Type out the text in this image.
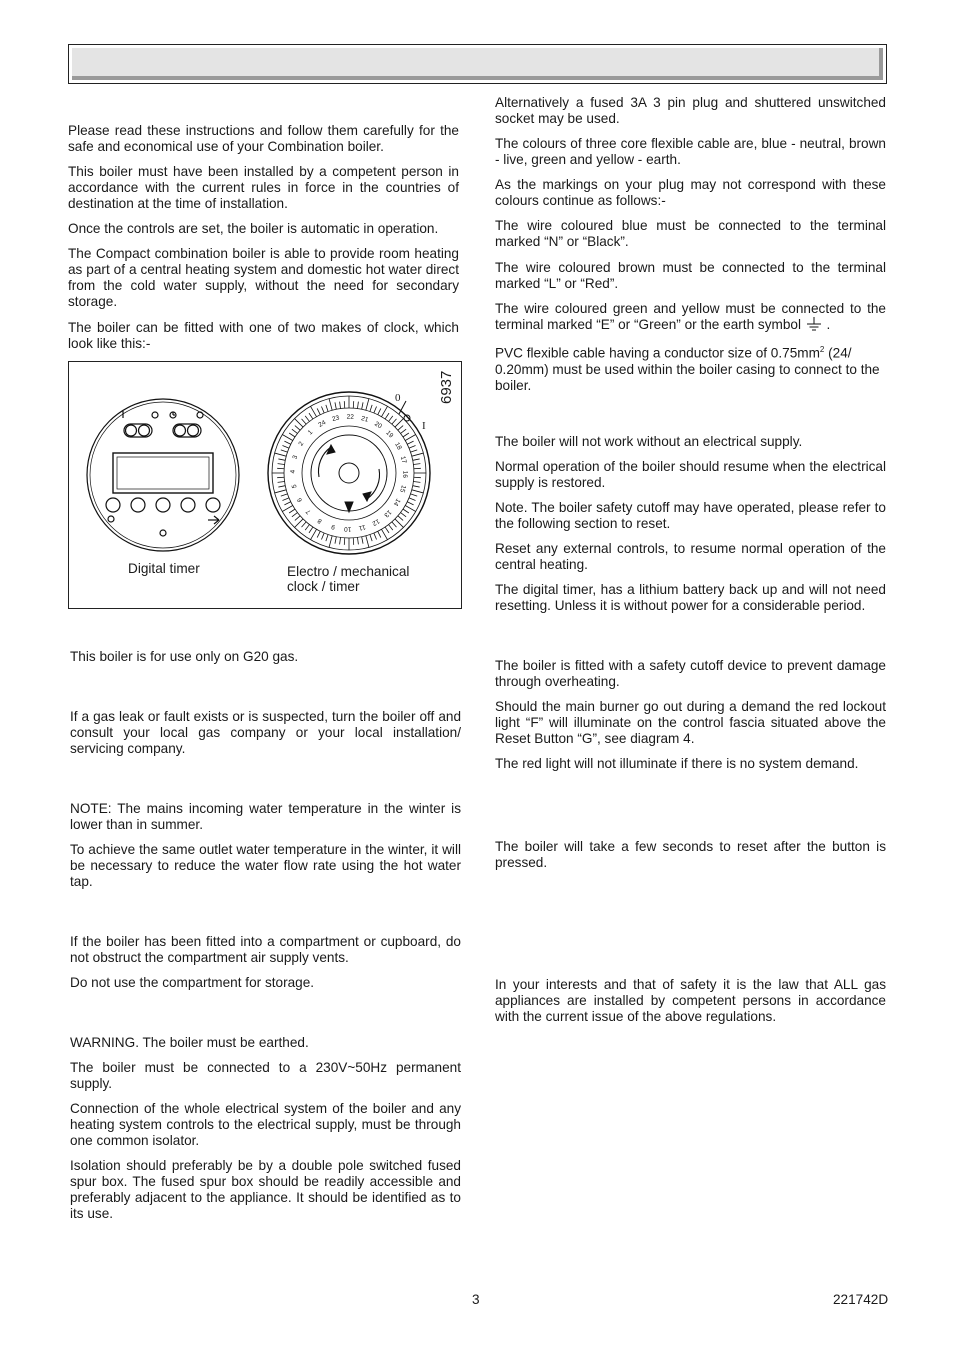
Please read these instructions and follow them carefully for the safe and economical use of your Combination boiler.

This boiler must have been installed by a competent person in accordance with the current rules in force in the countries of destination at the time of installation.

Once the controls are set, the boiler is automatic in operation.

The Compact combination boiler is able to provide room heating as part of a central heating system and domestic hot water direct from the cold water supply, without the need for secondary storage.

The boiler can be fitted with one of two makes of clock, which look like this:-

24
23 22 21
20
19
18
17
16
15
14
13
12
11
10
9
8
7
6
5
4
3
2
1
6937
0
I
Digital timer	Electro / mechanical clock / timer

This boiler is for use only on G20 gas.

If a gas leak or fault exists or is suspected, turn the boiler off and consult your local gas company or your local installation/ servicing company.

NOTE: The mains incoming water temperature in the winter is lower than in summer.

To achieve the same outlet water temperature in the winter, it will be necessary to reduce the water flow rate using the hot water tap.

If the boiler has been fitted into a compartment or cupboard, do not obstruct the compartment air supply vents.

Do not use the compartment for storage.

WARNING. The boiler must be earthed.

The boiler must be connected to a 230V~50Hz permanent supply.

Connection of the whole electrical system of the boiler and any heating system controls to the electrical supply, must be through one common isolator.

Isolation should preferably be by a double pole switched fused spur box. The fused spur box should be readily accessible and preferably adjacent to the appliance. It should be identified as to its use.

Alternatively a fused 3A 3 pin plug and shuttered unswitched socket may be used.

The colours of three core flexible cable are, blue - neutral, brown - live, green and yellow - earth.

As the markings on your plug may not correspond with these colours continue as follows:-

The wire coloured blue must be connected to the terminal marked “N” or “Black”.

The wire coloured brown must be connected to the terminal marked “L” or “Red”.

The wire coloured green and yellow must be connected to the terminal marked “E” or “Green” or the earth symbol  .

PVC flexible cable having a conductor size of $0.75mm^2$ (24/ 0.20mm) must be used within the boiler casing to connect to the boiler.

The boiler will not work without an electrical supply.

Normal operation of the boiler should resume when the electrical supply is restored.

Note. The boiler safety cutoff may have operated, please refer to the following section to reset.

Reset any external controls, to resume normal operation of the central heating.

The digital timer, has a lithium battery back up and will not need resetting. Unless it is without power for a considerable period.

The boiler is fitted with a safety cutoff device to prevent damage through overheating.

Should the main burner go out during a demand the red lockout light “F” will illuminate on the control fascia situated above the Reset Button “G”, see diagram 4.

The red light will not illuminate if there is no system demand.

The boiler will take a few seconds to reset after the button is pressed.

In your interests and that of safety it is the law that ALL gas appliances are installed by competent persons in accordance with the current issue of the above regulations.

3	221742D
